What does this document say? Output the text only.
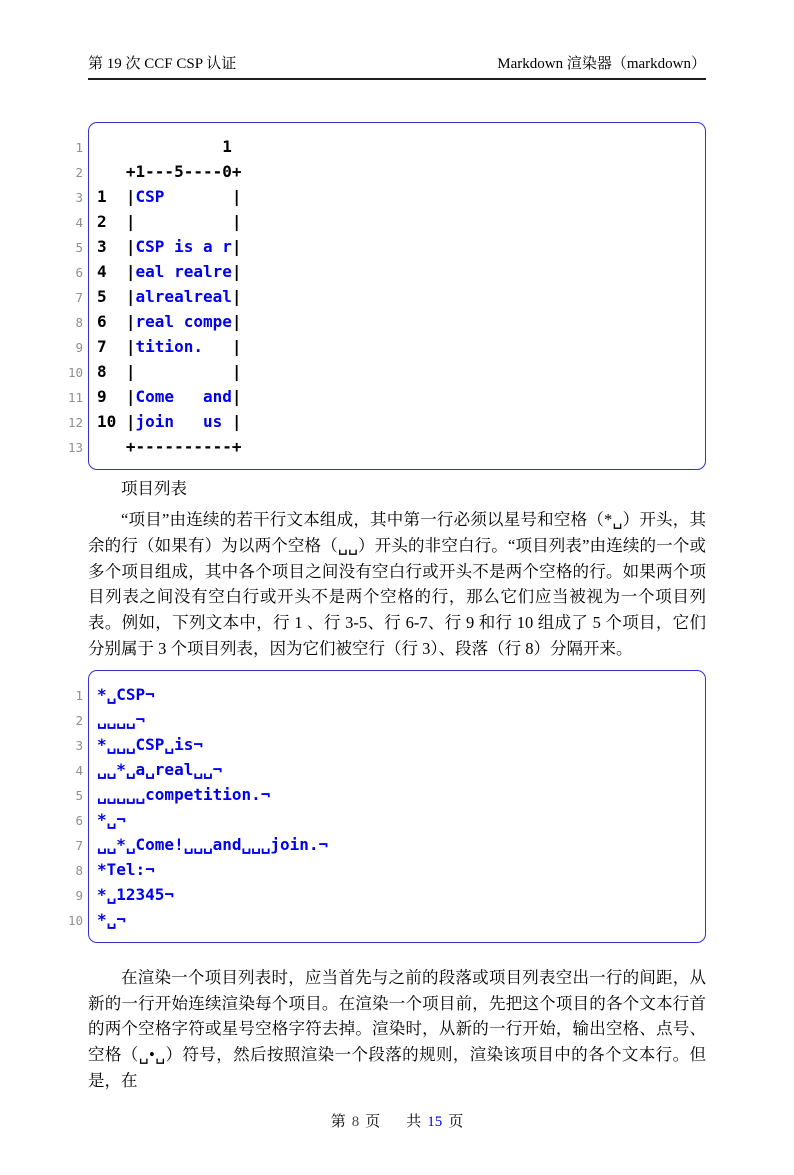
第 19 次 CCF CSP 认证	Markdown 渲染器（markdown）
1
2
3
4
5
6
7
8
9
10
11
12
13
1
+1---5----0+
1  |CSP       |
2  |	|
3  |CSP is a r|
4  |eal realre|
5  |alrealreal|
6  |real compe|
7  |tition.   |
8  |	|
9  |Come   and|
10 |join   us |
+----------+
项目列表
“项目”由连续的若干行文本组成，其中第一行必须以星号和空格（*␣）开头，其余的行（如果有）为以两个空格（␣␣）开头的非空白行。“项目列表”由连续的一个或多个项目组成，其中各个项目之间没有空白行或开头不是两个空格的行。如果两个项目列表之间没有空白行或开头不是两个空格的行，那么它们应当被视为一个项目列表。例如，下列文本中，行 1 、行 3-5、行 6-7、行 9 和行 10 组成了 5 个项目，它们分别属于 3 个项目列表，因为它们被空行（行 3）、段落（行 8）分隔开来。
1
2
3
4
5
6
7
8
9
10
*␣CSP¬
␣␣␣␣¬
*␣␣␣CSP␣is¬
␣␣*␣a␣real␣␣¬
␣␣␣␣␣competition.¬
*␣¬
␣␣*␣Come!␣␣␣and␣␣␣join.¬
*Tel:¬
*␣12345¬
*␣¬
在渲染一个项目列表时，应当首先与之前的段落或项目列表空出一行的间距，从新的一行开始连续渲染每个项目。在渲染一个项目前，先把这个项目的各个文本行首的两个空格字符或星号空格字符去掉。渲染时，从新的一行开始，输出空格、点号、空格（␣•␣）符号，然后按照渲染一个段落的规则，渲染该项目中的各个文本行。但是，在
第 8 页 共 15 页
